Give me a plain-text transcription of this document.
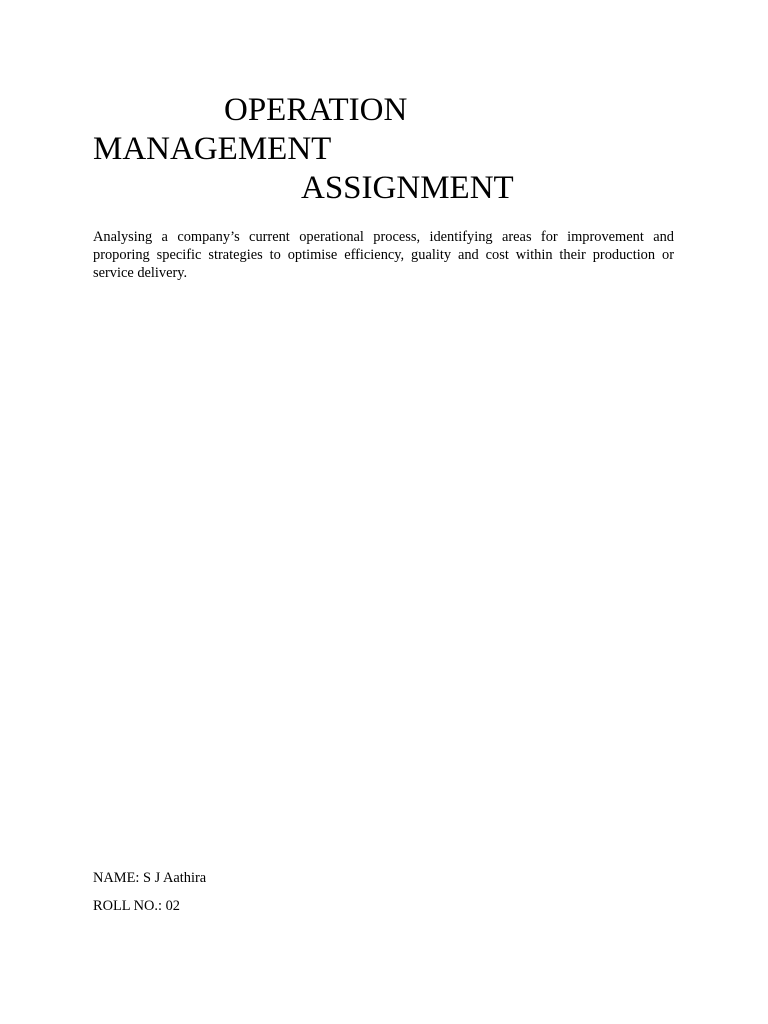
OPERATION
MANAGEMENT
ASSIGNMENT

Analysing a company’s current operational process, identifying areas for improvement and proporing specific strategies to optimise efficiency, guality and cost within their production or service delivery.

NAME: S J Aathira
ROLL NO.: 02
